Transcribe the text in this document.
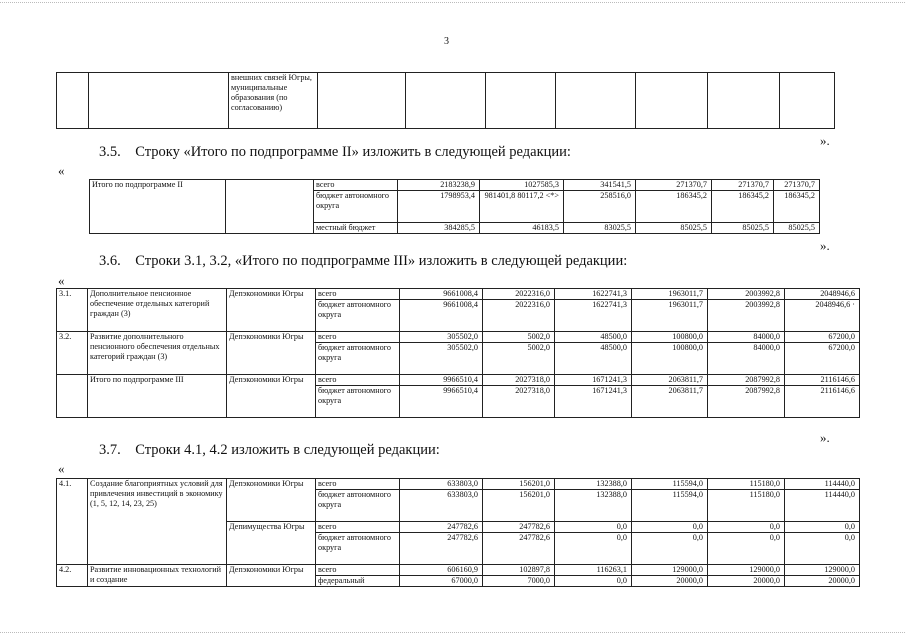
3
		внешних связей Югры, муниципальные образования (по согласованию)							
».
3.5. Строку «Итого по подпрограмме II» изложить в следующей редакции:
«
Итого по подпрограмме II		всего	2183238,9	1027585,3	341541,5	271370,7	271370,7	271370,7
		бюджет автономного округа	1798953,4	981401,8 80117,2 <*>	258516,0	186345,2	186345,2	186345,2
		местный бюджет	384285,5	46183,5	83025,5	85025,5	85025,5	85025,5
».
3.6. Строки 3.1, 3.2, «Итого по подпрограмме III» изложить в следующей редакции:
«
3.1.	Дополнительное пенсионное обеспечение отдельных категорий граждан (3)	Депэкономики Югры	всего	9661008,4	2022316,0	1622741,3	1963011,7	2003992,8	2048946,6
			бюджет автономного округа	9661008,4	2022316,0	1622741,3	1963011,7	2003992,8	2048946,6 ·
3.2.	Развитие дополнительного пенсионного обеспечения отдельных категорий граждан (3)	Депэкономики Югры	всего	305502,0	5002,0	48500,0	100800,0	84000,0	67200,0
			бюджет автономного округа	305502,0	5002,0	48500,0	100800,0	84000,0	67200,0
	Итого по подпрограмме III	Депэкономики Югры	всего	9966510,4	2027318,0	1671241,3	2063811,7	2087992,8	2116146,6
			бюджет автономного округа	9966510,4	2027318,0	1671241,3	2063811,7	2087992,8	2116146,6
».
3.7. Строки 4.1, 4.2 изложить в следующей редакции:
«
4.1.	Создание благоприятных условий для привлечения инвестиций в экономику (1, 5, 12, 14, 23, 25)	Депэкономики Югры	всего	633803,0	156201,0	132388,0	115594,0	115180,0	114440,0
			бюджет автономного округа	633803,0	156201,0	132388,0	115594,0	115180,0	114440,0
		Депимущества Югры	всего	247782,6	247782,6	0,0	0,0	0,0	0,0
			бюджет автономного округа	247782,6	247782,6	0,0	0,0	0,0	0,0
4.2.	Развитие инновационных технологий и создание	Депэкономики Югры	всего	606160,9	102897,8	116263,1	129000,0	129000,0	129000,0
			федеральный	67000,0	7000,0	0,0	20000,0	20000,0	20000,0
